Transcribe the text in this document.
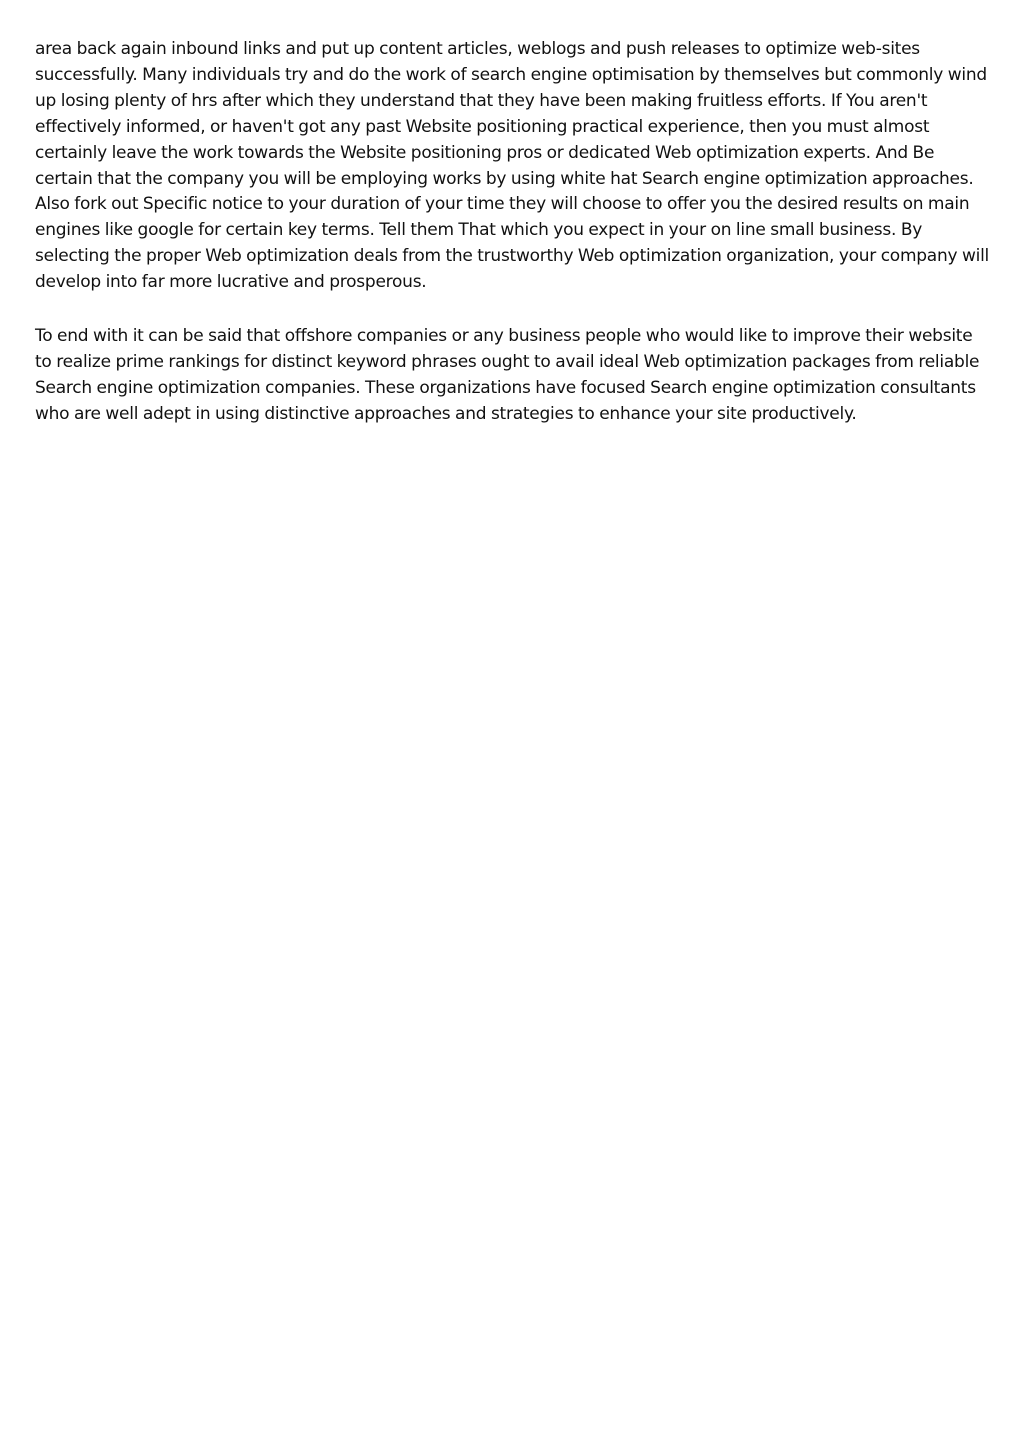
area back again inbound links and put up content articles, weblogs and push releases to optimize web-sites successfully. Many individuals try and do the work of search engine optimisation by themselves but commonly wind up losing plenty of hrs after which they understand that they have been making fruitless efforts. If You aren't effectively informed, or haven't got any past Website positioning practical experience, then you must almost certainly leave the work towards the Website positioning pros or dedicated Web optimization experts. And Be certain that the company you will be employing works by using white hat Search engine optimization approaches. Also fork out Specific notice to your duration of your time they will choose to offer you the desired results on main engines like google for certain key terms. Tell them That which you expect in your on line small business. By selecting the proper Web optimization deals from the trustworthy Web optimization organization, your company will develop into far more lucrative and prosperous.

To end with it can be said that offshore companies or any business people who would like to improve their website to realize prime rankings for distinct keyword phrases ought to avail ideal Web optimization packages from reliable Search engine optimization companies. These organizations have focused Search engine optimization consultants who are well adept in using distinctive approaches and strategies to enhance your site productively.
